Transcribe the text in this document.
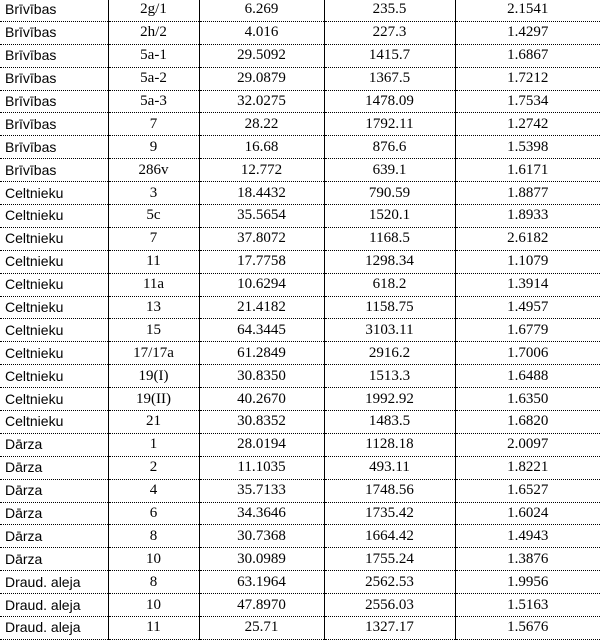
Brīvības	2g/1	6.269	235.5	2.1541
Brīvības	2h/2	4.016	227.3	1.4297
Brīvības	5a-1	29.5092	1415.7	1.6867
Brīvības	5a-2	29.0879	1367.5	1.7212
Brīvības	5a-3	32.0275	1478.09	1.7534
Brīvības	7	28.22	1792.11	1.2742
Brīvības	9	16.68	876.6	1.5398
Brīvības	286v	12.772	639.1	1.6171
Celtnieku	3	18.4432	790.59	1.8877
Celtnieku	5c	35.5654	1520.1	1.8933
Celtnieku	7	37.8072	1168.5	2.6182
Celtnieku	11	17.7758	1298.34	1.1079
Celtnieku	11a	10.6294	618.2	1.3914
Celtnieku	13	21.4182	1158.75	1.4957
Celtnieku	15	64.3445	3103.11	1.6779
Celtnieku	17/17a	61.2849	2916.2	1.7006
Celtnieku	19(I)	30.8350	1513.3	1.6488
Celtnieku	19(II)	40.2670	1992.92	1.6350
Celtnieku	21	30.8352	1483.5	1.6820
Dārza	1	28.0194	1128.18	2.0097
Dārza	2	11.1035	493.11	1.8221
Dārza	4	35.7133	1748.56	1.6527
Dārza	6	34.3646	1735.42	1.6024
Dārza	8	30.7368	1664.42	1.4943
Dārza	10	30.0989	1755.24	1.3876
Draud. aleja	8	63.1964	2562.53	1.9956
Draud. aleja	10	47.8970	2556.03	1.5163
Draud. aleja	11	25.71	1327.17	1.5676
